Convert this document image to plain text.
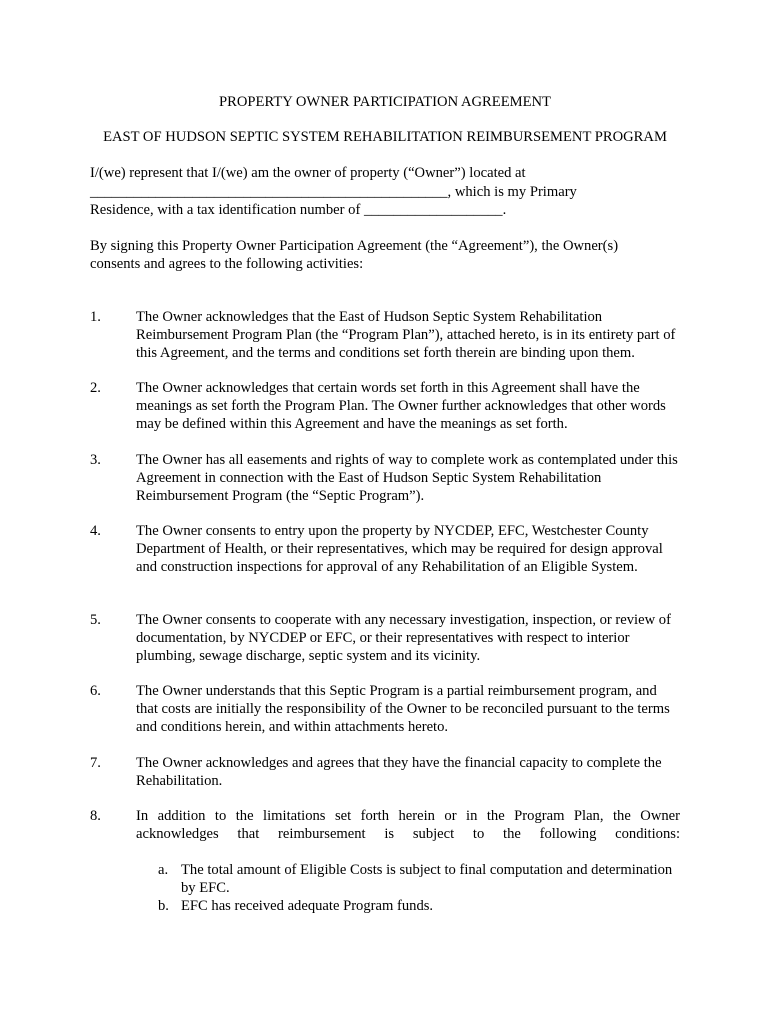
PROPERTY OWNER PARTICIPATION AGREEMENT
EAST OF HUDSON SEPTIC SYSTEM REHABILITATION REIMBURSEMENT PROGRAM
I/(we) represent that I/(we) am the owner of property (“Owner”) located at
_________________________________________________, which is my Primary
Residence, with a tax identification number of ___________________.
By signing this Property Owner Participation Agreement (the “Agreement”), the Owner(s)
consents and agrees to the following activities:
1. The Owner acknowledges that the East of Hudson Septic System Rehabilitation Reimbursement Program Plan (the “Program Plan”), attached hereto, is in its entirety part of this Agreement, and the terms and conditions set forth therein are binding upon them.
2. The Owner acknowledges that certain words set forth in this Agreement shall have the meanings as set forth the Program Plan. The Owner further acknowledges that other words may be defined within this Agreement and have the meanings as set forth.
3. The Owner has all easements and rights of way to complete work as contemplated under this Agreement in connection with the East of Hudson Septic System Rehabilitation Reimbursement Program (the “Septic Program”).
4. The Owner consents to entry upon the property by NYCDEP, EFC, Westchester County Department of Health, or their representatives, which may be required for design approval and construction inspections for approval of any Rehabilitation of an Eligible System.
5. The Owner consents to cooperate with any necessary investigation, inspection, or review of documentation, by NYCDEP or EFC, or their representatives with respect to interior plumbing, sewage discharge, septic system and its vicinity.
6. The Owner understands that this Septic Program is a partial reimbursement program, and that costs are initially the responsibility of the Owner to be reconciled pursuant to the terms and conditions herein, and within attachments hereto.
7. The Owner acknowledges and agrees that they have the financial capacity to complete the Rehabilitation.
8. In addition to the limitations set forth herein or in the Program Plan, the Owner acknowledges that reimbursement is subject to the following conditions:
a. The total amount of Eligible Costs is subject to final computation and determination by EFC.
b. EFC has received adequate Program funds.
